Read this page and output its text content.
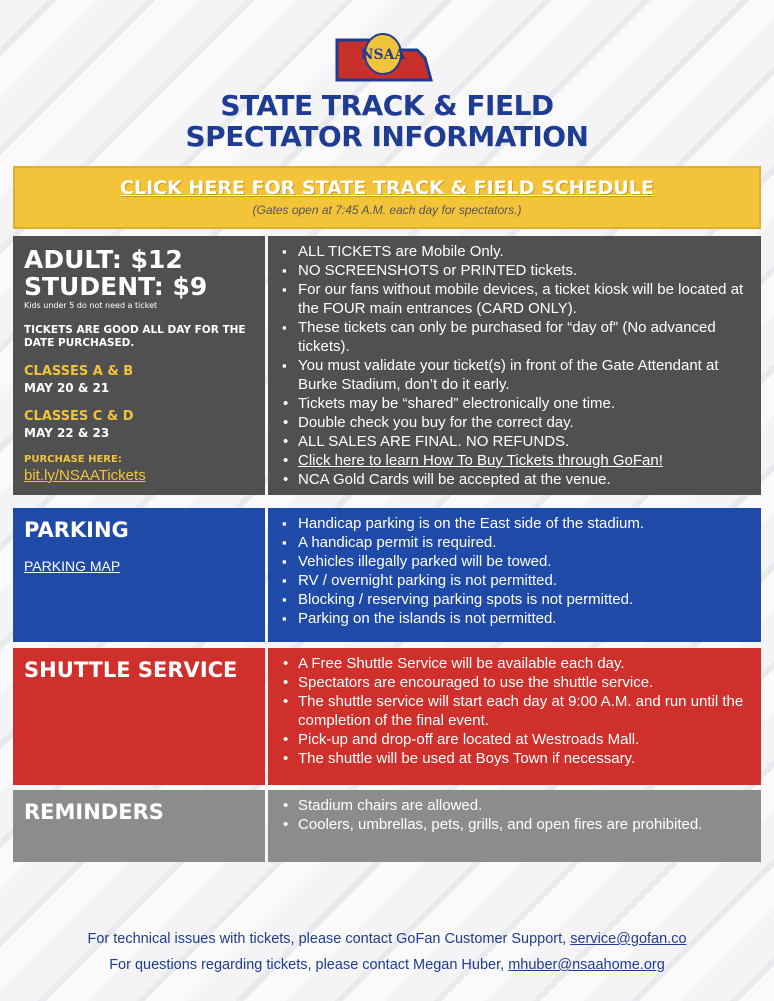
NSAA
STATE TRACK & FIELD
SPECTATOR INFORMATION
CLICK HERE FOR STATE TRACK & FIELD SCHEDULE
(Gates open at 7:45 A.M. each day for spectators.)
ADULT: $12
STUDENT: $9
Kids under 5 do not need a ticket
TICKETS ARE GOOD ALL DAY FOR THE DATE PURCHASED.
CLASSES A & B
MAY 20 & 21
CLASSES C & D
MAY 22 & 23
PURCHASE HERE:
bit.ly/NSAATickets
▪ ALL TICKETS are Mobile Only.
▪ NO SCREENSHOTS or PRINTED tickets.
▪ For our fans without mobile devices, a ticket kiosk will be located at the FOUR main entrances (CARD ONLY).
▪ These tickets can only be purchased for “day of” (No advanced tickets).
▪ You must validate your ticket(s) in front of the Gate Attendant at Burke Stadium, don’t do it early.
• Tickets may be “shared” electronically one time.
• Double check you buy for the correct day.
• ALL SALES ARE FINAL. NO REFUNDS.
• Click here to learn How To Buy Tickets through GoFan!
• NCA Gold Cards will be accepted at the venue.
PARKING
PARKING MAP
▪ Handicap parking is on the East side of the stadium.
▪ A handicap permit is required.
▪ Vehicles illegally parked will be towed.
▪ RV / overnight parking is not permitted.
▪ Blocking / reserving parking spots is not permitted.
▪ Parking on the islands is not permitted.
SHUTTLE SERVICE	• A Free Shuttle Service will be available each day.
• Spectators are encouraged to use the shuttle service.
• The shuttle service will start each day at 9:00 A.M. and run until the completion of the final event.
• Pick-up and drop-off are located at Westroads Mall.
• The shuttle will be used at Boys Town if necessary.
REMINDERS	• Stadium chairs are allowed.
• Coolers, umbrellas, pets, grills, and open fires are prohibited.
For technical issues with tickets, please contact GoFan Customer Support, service@gofan.co
For questions regarding tickets, please contact Megan Huber, mhuber@nsaahome.org
